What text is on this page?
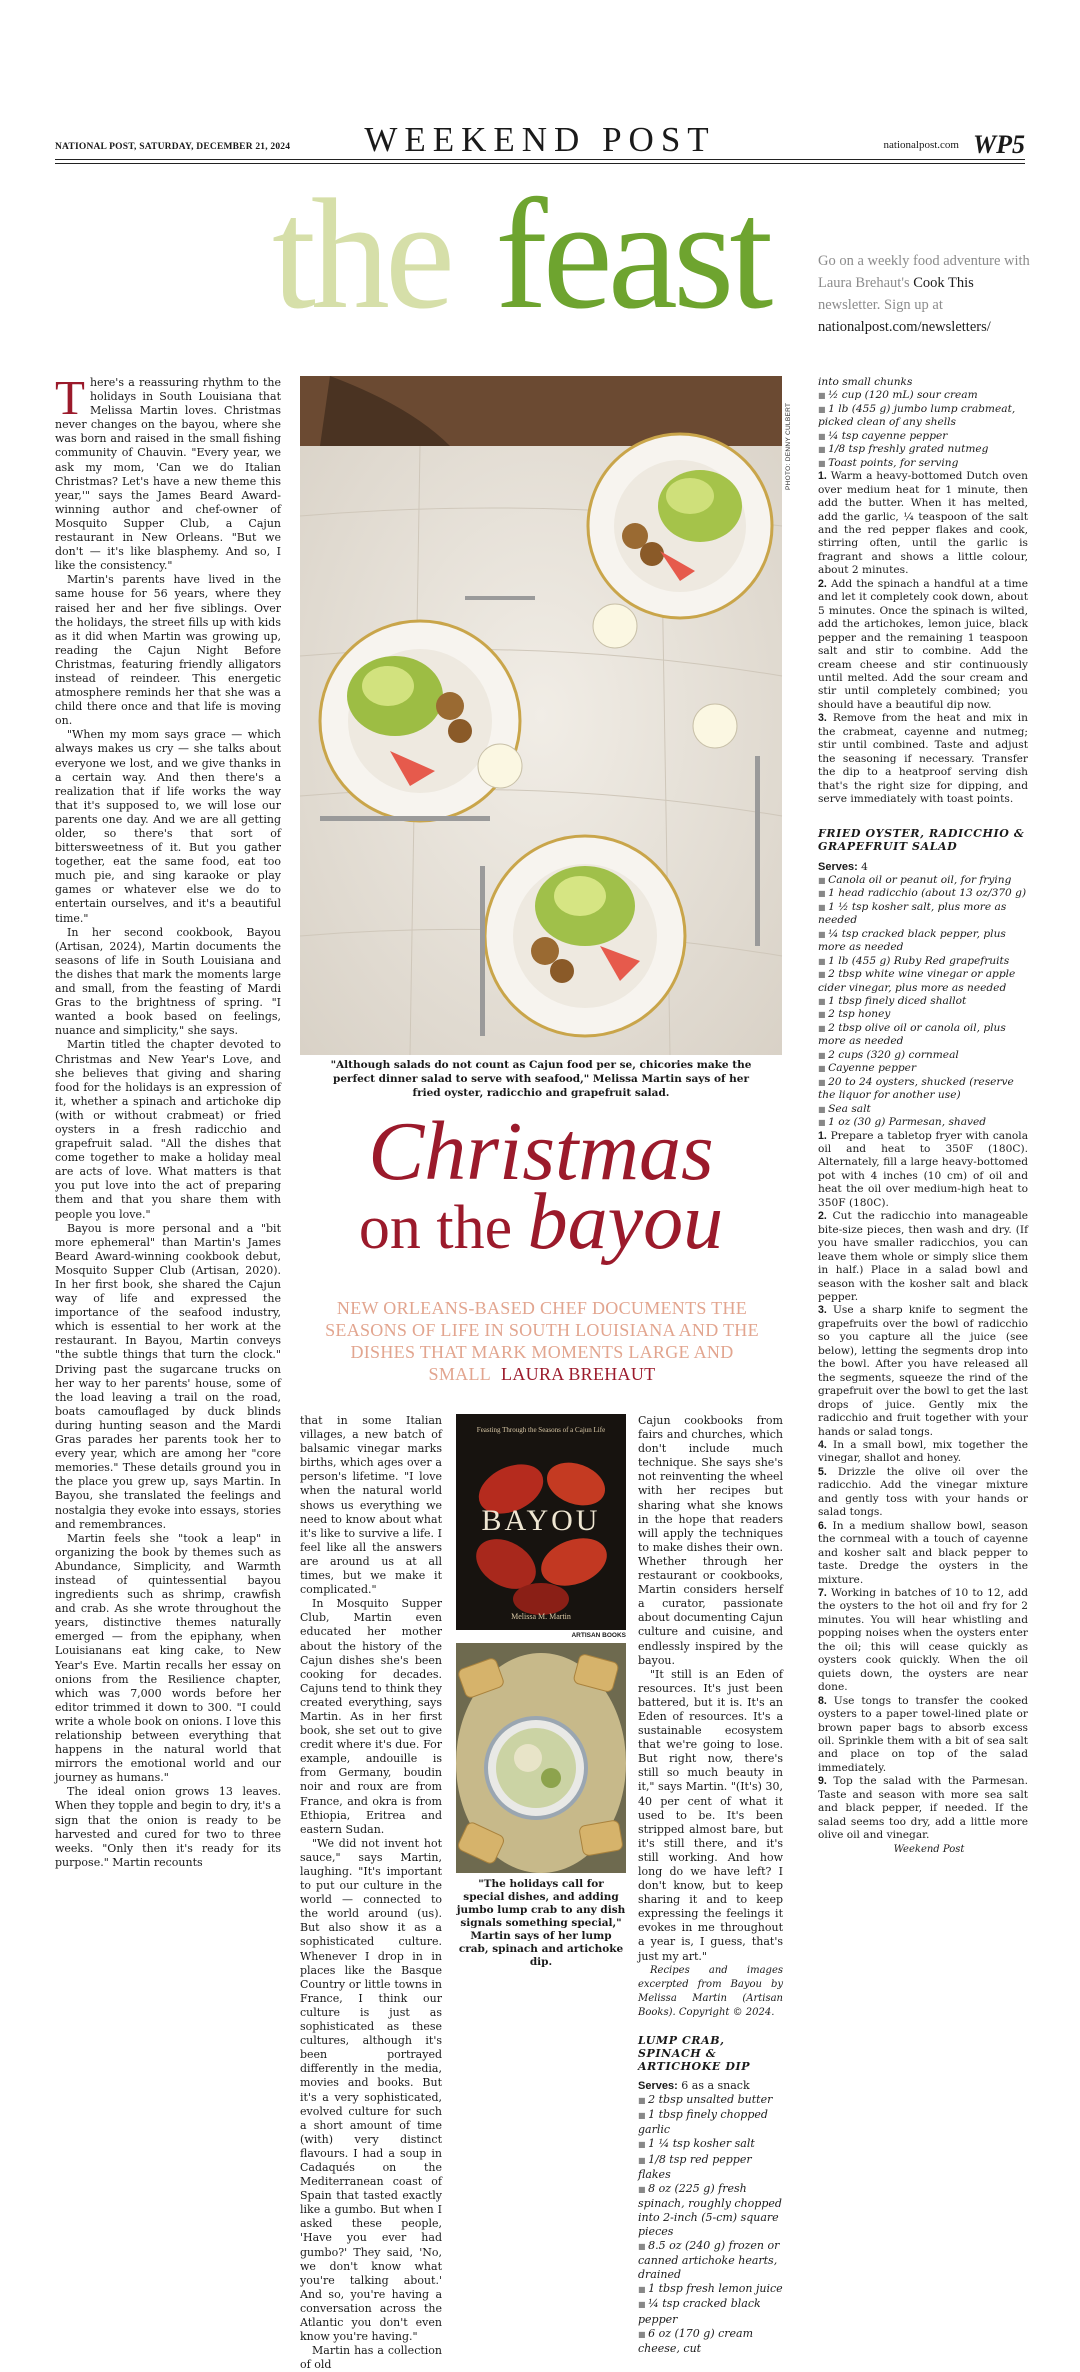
NATIONAL POST, SATURDAY, DECEMBER 21, 2024	WEEKEND POST	nationalpost.com WP5
the feast	Go on a weekly food adventure with Laura Brehaut's Cook This newsletter. Sign up at nationalpost.com/newsletters/

There's a reassuring rhythm to the holidays in South Louisiana that Melissa Martin loves. Christmas never changes on the bayou, where she was born and raised in the small fishing community of Chauvin. "Every year, we ask my mom, 'Can we do Italian Christmas? Let's have a new theme this year,'" says the James Beard Award-winning author and chef-owner of Mosquito Supper Club, a Cajun restaurant in New Orleans. "But we don't — it's like blasphemy. And so, I like the consistency."

Martin's parents have lived in the same house for 56 years, where they raised her and her five siblings. Over the holidays, the street fills up with kids as it did when Martin was growing up, reading the Cajun Night Before Christmas, featuring friendly alligators instead of reindeer. This energetic atmosphere reminds her that she was a child there once and that life is moving on.

"When my mom says grace — which always makes us cry — she talks about everyone we lost, and we give thanks in a certain way. And then there's a realization that if life works the way that it's supposed to, we will lose our parents one day. And we are all getting older, so there's that sort of bittersweetness of it. But you gather together, eat the same food, eat too much pie, and sing karaoke or play games or whatever else we do to entertain ourselves, and it's a beautiful time."

In her second cookbook, Bayou (Artisan, 2024), Martin documents the seasons of life in South Louisiana and the dishes that mark the moments large and small, from the feasting of Mardi Gras to the brightness of spring. "I wanted a book based on feelings, nuance and simplicity," she says.

Martin titled the chapter devoted to Christmas and New Year's Love, and she believes that giving and sharing food for the holidays is an expression of it, whether a spinach and artichoke dip (with or without crabmeat) or fried oysters in a fresh radicchio and grapefruit salad. "All the dishes that come together to make a holiday meal are acts of love. What matters is that you put love into the act of preparing them and that you share them with people you love."

Bayou is more personal and a "bit more ephemeral" than Martin's James Beard Award-winning cookbook debut, Mosquito Supper Club (Artisan, 2020). In her first book, she shared the Cajun way of life and expressed the importance of the seafood industry, which is essential to her work at the restaurant. In Bayou, Martin conveys "the subtle things that turn the clock." Driving past the sugarcane trucks on her way to her parents' house, some of the load leaving a trail on the road, boats camouflaged by duck blinds during hunting season and the Mardi Gras parades her parents took her to every year, which are among her "core memories." These details ground you in the place you grew up, says Martin. In Bayou, she translated the feelings and nostalgia they evoke into essays, stories and remembrances.

Martin feels she "took a leap" in organizing the book by themes such as Abundance, Simplicity, and Warmth instead of quintessential bayou ingredients such as shrimp, crawfish and crab. As she wrote throughout the years, distinctive themes naturally emerged — from the epiphany, when Louisianans eat king cake, to New Year's Eve. Martin recalls her essay on onions from the Resilience chapter, which was 7,000 words before her editor trimmed it down to 300. "I could write a whole book on onions. I love this relationship between everything that happens in the natural world that mirrors the emotional world and our journey as humans."

The ideal onion grows 13 leaves. When they topple and begin to dry, it's a sign that the onion is ready to be harvested and cured for two to three weeks. "Only then it's ready for its purpose." Martin recounts

PHOTO: DENNY CULBERT
"Although salads do not count as Cajun food per se, chicories make the perfect dinner salad to serve with seafood," Melissa Martin says of her fried oyster, radicchio and grapefruit salad.
Christmas
on the bayou
NEW ORLEANS-BASED CHEF DOCUMENTS THE SEASONS OF LIFE IN SOUTH LOUISIANA AND THE DISHES THAT MARK MOMENTS LARGE AND SMALL LAURA BREHAUT

that in some Italian villages, a new batch of balsamic vinegar marks births, which ages over a person's lifetime. "I love when the natural world shows us everything we need to know about what it's like to survive a life. I feel like all the answers are around us at all times, but we make it complicated."

In Mosquito Supper Club, Martin even educated her mother about the history of the Cajun dishes she's been cooking for decades. Cajuns tend to think they created everything, says Martin. As in her first book, she set out to give credit where it's due. For example, andouille is from Germany, boudin noir and roux are from France, and okra is from Ethiopia, Eritrea and eastern Sudan.

"We did not invent hot sauce," says Martin, laughing. "It's important to put our culture in the world — connected to the world around (us). But also show it as a sophisticated culture. Whenever I drop in in places like the Basque Country or little towns in France, I think our culture is just as sophisticated as these cultures, although it's been portrayed differently in the media, movies and books. But it's a very sophisticated, evolved culture for such a short amount of time (with) very distinct flavours. I had a soup in Cadaqués on the Mediterranean coast of Spain that tasted exactly like a gumbo. But when I asked these people, 'Have you ever had gumbo?' They said, 'No, we don't know what you're talking about.' And so, you're having a conversation across the Atlantic you don't even know you're having."

Martin has a collection of old

Feasting Through the Seasons of a Cajun Life
BAYOU
Melissa M. Martin
ARTISAN BOOKS
"The holidays call for special dishes, and adding jumbo lump crab to any dish signals something special," Martin says of her lump crab, spinach and artichoke dip.

Cajun cookbooks from fairs and churches, which don't include much technique. She says she's not reinventing the wheel with her recipes but sharing what she knows in the hope that readers will apply the techniques to make dishes their own. Whether through her restaurant or cookbooks, Martin considers herself a curator, passionate about documenting Cajun culture and cuisine, and endlessly inspired by the bayou.

"It still is an Eden of resources. It's just been battered, but it is. It's an Eden of resources. It's a sustainable ecosystem that we're going to lose. But right now, there's still so much beauty in it," says Martin. "(It's) 30, 40 per cent of what it used to be. It's been stripped almost bare, but it's still there, and it's still working. And how long do we have left? I don't know, but to keep sharing it and to keep expressing the feelings it evokes in me throughout a year is, I guess, that's just my art."

Recipes and images excerpted from Bayou by Melissa Martin (Artisan Books). Copyright © 2024.

LUMP CRAB, SPINACH & ARTICHOKE DIP

Serves: 6 as a snack

■ 2 tbsp unsalted butter

■ 1 tbsp finely chopped garlic

■ 1 ¼ tsp kosher salt

■ 1/8 tsp red pepper flakes

■ 8 oz (225 g) fresh spinach, roughly chopped into 2-inch (5-cm) square pieces

■ 8.5 oz (240 g) frozen or canned artichoke hearts, drained

■ 1 tbsp fresh lemon juice

■ ¼ tsp cracked black pepper

■ 6 oz (170 g) cream cheese, cut

into small chunks

■ ½ cup (120 mL) sour cream

■ 1 lb (455 g) jumbo lump crabmeat, picked clean of any shells

■ ¼ tsp cayenne pepper

■ 1/8 tsp freshly grated nutmeg

■ Toast points, for serving

1. Warm a heavy-bottomed Dutch oven over medium heat for 1 minute, then add the butter. When it has melted, add the garlic, ¼ teaspoon of the salt and the red pepper flakes and cook, stirring often, until the garlic is fragrant and shows a little colour, about 2 minutes.

2. Add the spinach a handful at a time and let it completely cook down, about 5 minutes. Once the spinach is wilted, add the artichokes, lemon juice, black pepper and the remaining 1 teaspoon salt and stir to combine. Add the cream cheese and stir continuously until melted. Add the sour cream and stir until completely combined; you should have a beautiful dip now.

3. Remove from the heat and mix in the crabmeat, cayenne and nutmeg; stir until combined. Taste and adjust the seasoning if necessary. Transfer the dip to a heatproof serving dish that's the right size for dipping, and serve immediately with toast points.

FRIED OYSTER, RADICCHIO & GRAPEFRUIT SALAD

Serves: 4

■ Canola oil or peanut oil, for frying

■ 1 head radicchio (about 13 oz/370 g)

■ 1 ½ tsp kosher salt, plus more as needed

■ ¼ tsp cracked black pepper, plus more as needed

■ 1 lb (455 g) Ruby Red grapefruits

■ 2 tbsp white wine vinegar or apple cider vinegar, plus more as needed

■ 1 tbsp finely diced shallot

■ 2 tsp honey

■ 2 tbsp olive oil or canola oil, plus more as needed

■ 2 cups (320 g) cornmeal

■ Cayenne pepper

■ 20 to 24 oysters, shucked (reserve the liquor for another use)

■ Sea salt

■ 1 oz (30 g) Parmesan, shaved

1. Prepare a tabletop fryer with canola oil and heat to 350F (180C). Alternately, fill a large heavy-bottomed pot with 4 inches (10 cm) of oil and heat the oil over medium-high heat to 350F (180C).

2. Cut the radicchio into manageable bite-size pieces, then wash and dry. (If you have smaller radicchios, you can leave them whole or simply slice them in half.) Place in a salad bowl and season with the kosher salt and black pepper.

3. Use a sharp knife to segment the grapefruits over the bowl of radicchio so you capture all the juice (see below), letting the segments drop into the bowl. After you have released all the segments, squeeze the rind of the grapefruit over the bowl to get the last drops of juice. Gently mix the radicchio and fruit together with your hands or salad tongs.

4. In a small bowl, mix together the vinegar, shallot and honey.

5. Drizzle the olive oil over the radicchio. Add the vinegar mixture and gently toss with your hands or salad tongs.

6. In a medium shallow bowl, season the cornmeal with a touch of cayenne and kosher salt and black pepper to taste. Dredge the oysters in the mixture.

7. Working in batches of 10 to 12, add the oysters to the hot oil and fry for 2 minutes. You will hear whistling and popping noises when the oysters enter the oil; this will cease quickly as oysters cook quickly. When the oil quiets down, the oysters are near done.

8. Use tongs to transfer the cooked oysters to a paper towel-lined plate or brown paper bags to absorb excess oil. Sprinkle them with a bit of sea salt and place on top of the salad immediately.

9. Top the salad with the Parmesan. Taste and season with more sea salt and black pepper, if needed. If the salad seems too dry, add a little more olive oil and vinegar.

Weekend Post
